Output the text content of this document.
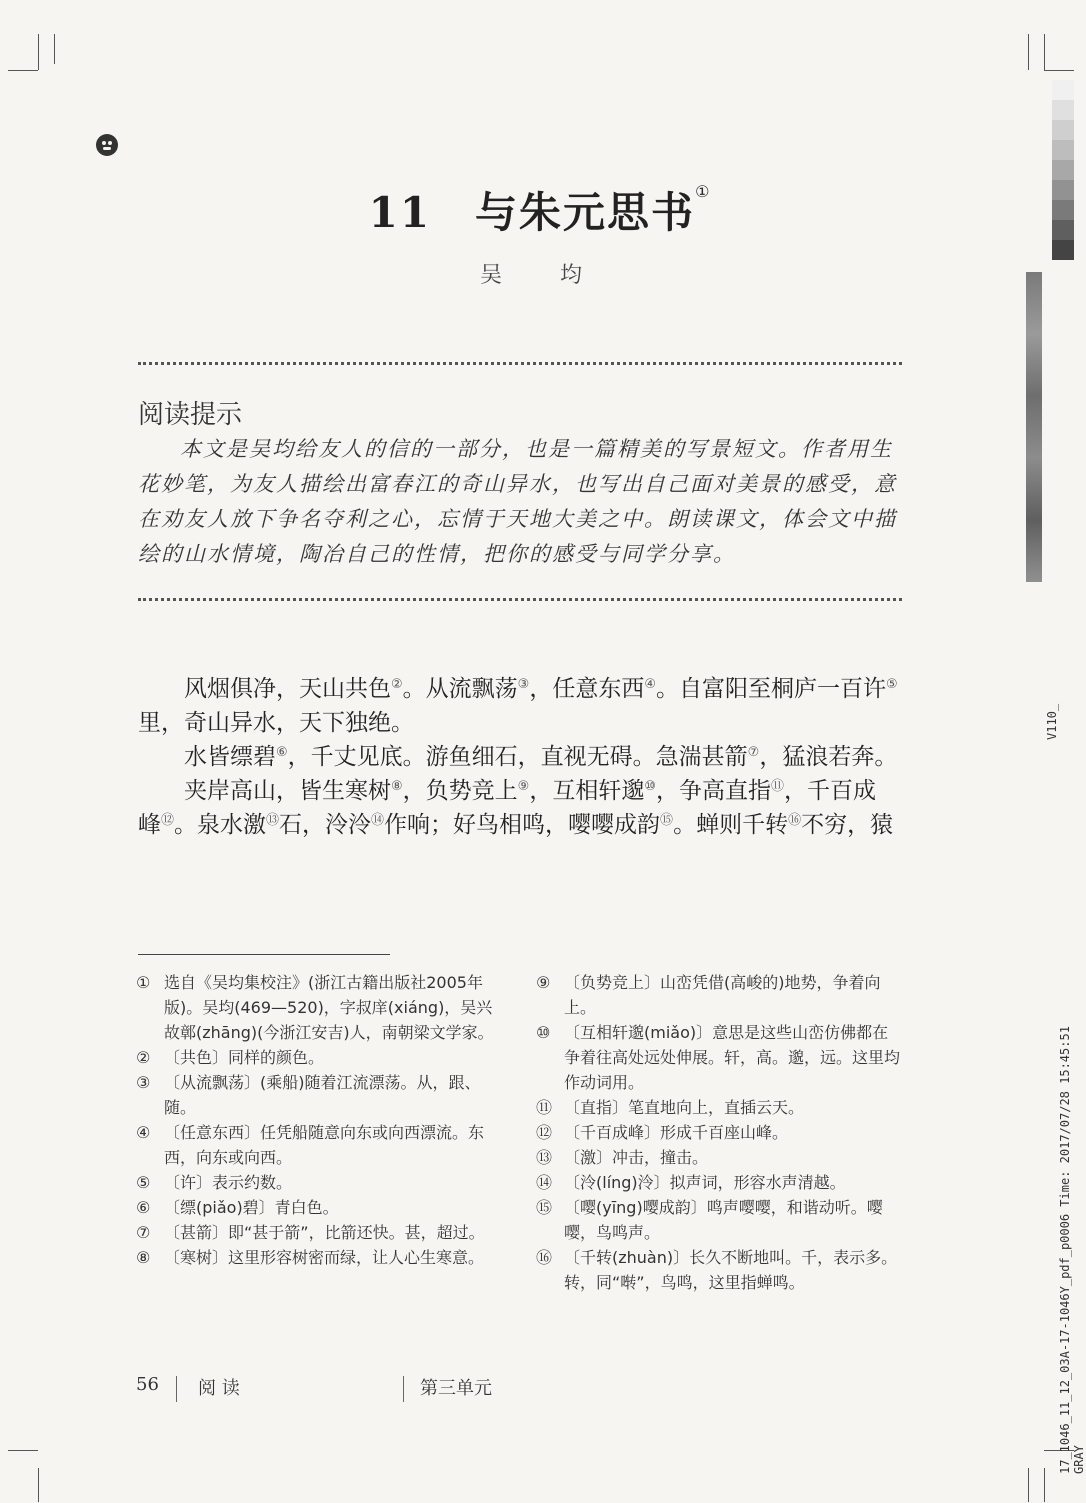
11 与朱元思书①
吴　均
阅读提示
本文是吴均给友人的信的一部分，也是一篇精美的写景短文。作者用生花妙笔，为友人描绘出富春江的奇山异水，也写出自己面对美景的感受，意在劝友人放下争名夺利之心，忘情于天地大美之中。朗读课文，体会文中描绘的山水情境，陶冶自己的性情，把你的感受与同学分享。

风烟俱净，天山共色②。从流飘荡③，任意东西④。自富阳至桐庐一百许⑤里，奇山异水，天下独绝。

水皆缥碧⑥，千丈见底。游鱼细石，直视无碍。急湍甚箭⑦，猛浪若奔。

夹岸高山，皆生寒树⑧，负势竞上⑨，互相轩邈⑩，争高直指⑪，千百成

峰⑫。泉水激⑬石，泠泠⑭作响；好鸟相鸣，嘤嘤成韵⑮。蝉则千转⑯不穷，猿

① 选自《吴均集校注》(浙江古籍出版社2005年版)。吴均(469—520)，字叔庠(xiáng)，吴兴故鄣(zhāng)(今浙江安吉)人，南朝梁文学家。
② 〔共色〕同样的颜色。
③ 〔从流飘荡〕(乘船)随着江流漂荡。从，跟、随。
④ 〔任意东西〕任凭船随意向东或向西漂流。东西，向东或向西。
⑤ 〔许〕表示约数。
⑥ 〔缥(piǎo)碧〕青白色。
⑦ 〔甚箭〕即“甚于箭”，比箭还快。甚，超过。
⑧ 〔寒树〕这里形容树密而绿，让人心生寒意。
⑨ 〔负势竞上〕山峦凭借(高峻的)地势，争着向上。
⑩ 〔互相轩邈(miǎo)〕意思是这些山峦仿佛都在争着往高处远处伸展。轩，高。邈，远。这里均作动词用。
⑪ 〔直指〕笔直地向上，直插云天。
⑫ 〔千百成峰〕形成千百座山峰。
⑬ 〔激〕冲击，撞击。
⑭ 〔泠(líng)泠〕拟声词，形容水声清越。
⑮ 〔嘤(yīng)嘤成韵〕鸣声嘤嘤，和谐动听。嘤嘤，鸟鸣声。
⑯ 〔千转(zhuàn)〕长久不断地叫。千，表示多。转，同“啭”，鸟鸣，这里指蝉鸣。
56 阅 读	第三单元
V110_
17_1046_11_12_03A-17-1046Y_pdf_p0006 Time: 2017/07/28 15:45:51 GRAY
